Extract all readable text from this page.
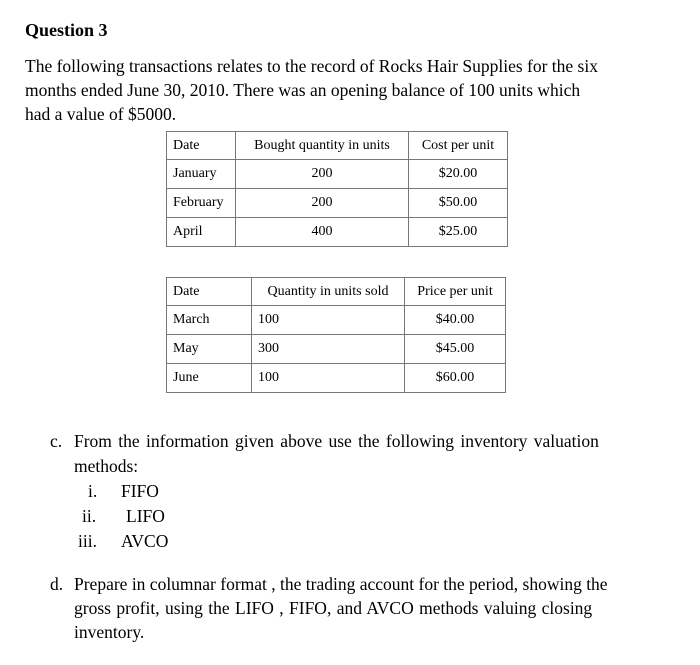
Question 3
The following transactions relates to the record of Rocks Hair Supplies for the six
months ended June 30, 2010. There was an opening balance of 100 units which
had a value of $5000.
Date	Bought quantity in units	Cost per unit
January	200	$20.00
February	200	$50.00
April	400	$25.00
Date	Quantity in units sold	Price per unit
March	100	$40.00
May	300	$45.00
June	100	$60.00
c. From the information given above use the following inventory valuation
methods:
i. FIFO
ii. LIFO
iii. AVCO
d. Prepare in columnar format , the trading account for the period, showing the
gross profit, using the LIFO , FIFO, and AVCO methods valuing closing
inventory.
